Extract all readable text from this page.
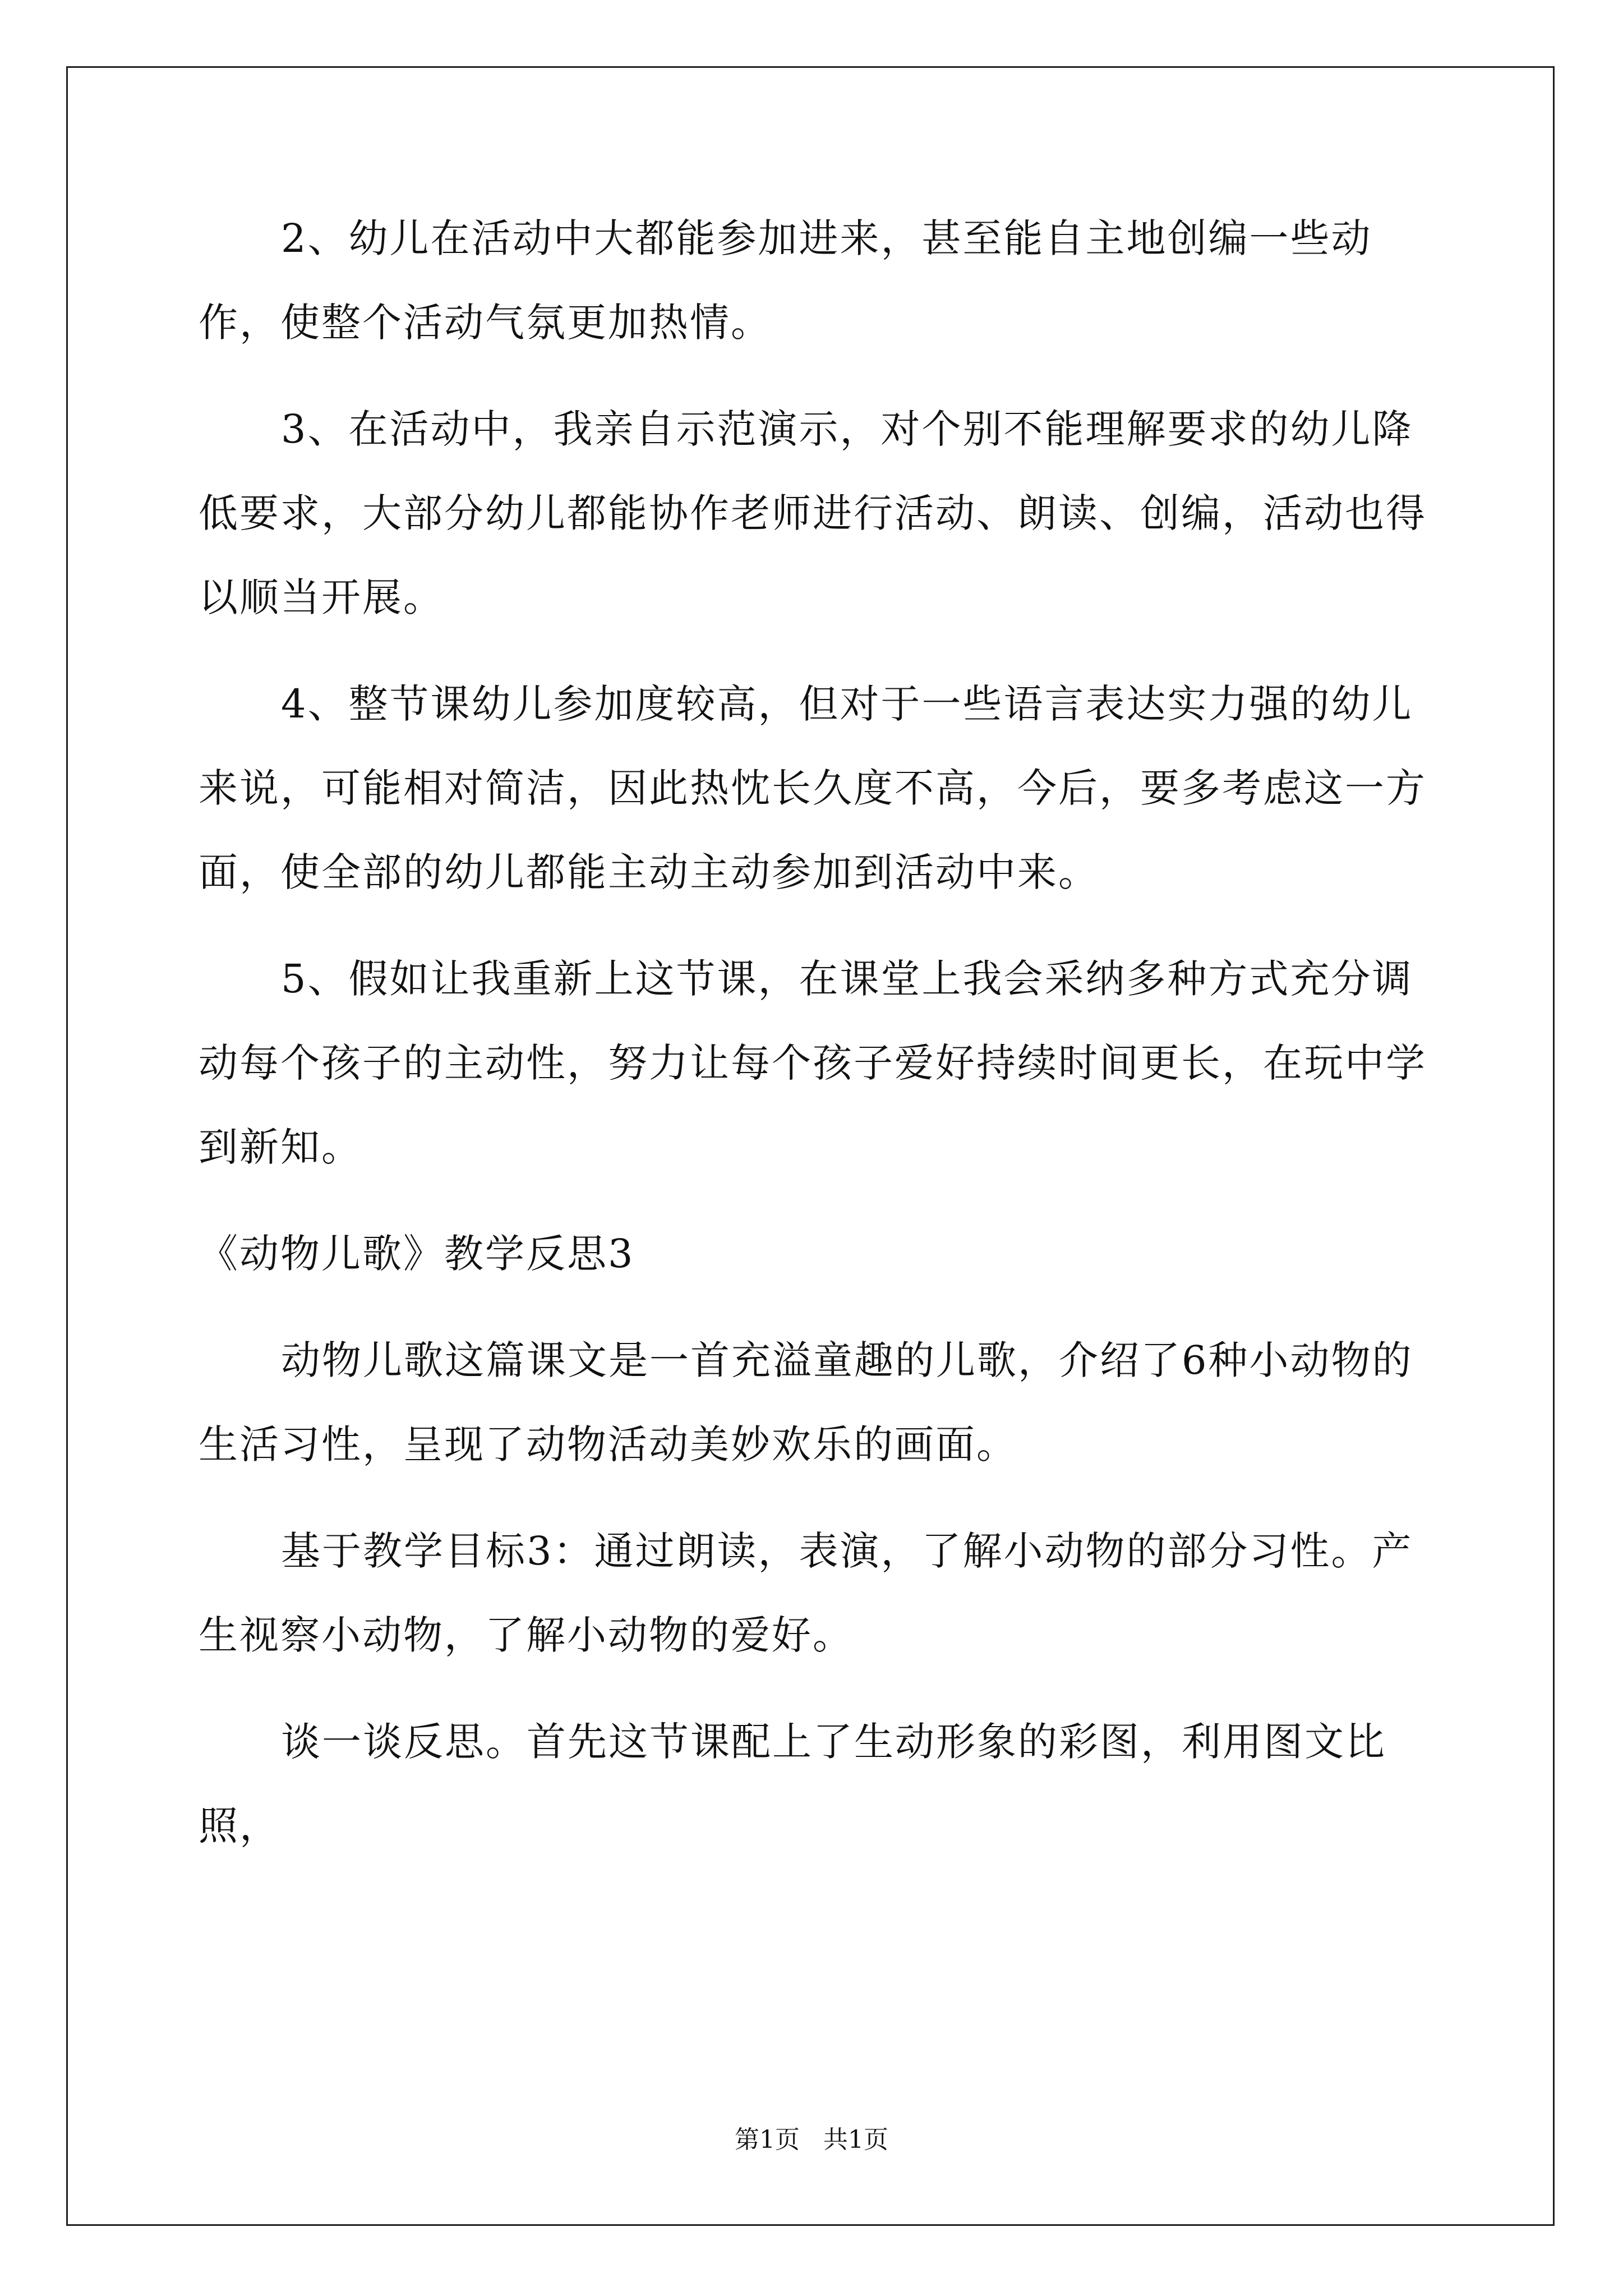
2、幼儿在活动中大都能参加进来，甚至能自主地创编一些动作，使整个活动气氛更加热情。

3、在活动中，我亲自示范演示，对个别不能理解要求的幼儿降低要求，大部分幼儿都能协作老师进行活动、朗读、创编，活动也得以顺当开展。

4、整节课幼儿参加度较高，但对于一些语言表达实力强的幼儿来说，可能相对简洁，因此热忱长久度不高，今后，要多考虑这一方面，使全部的幼儿都能主动主动参加到活动中来。

5、假如让我重新上这节课，在课堂上我会采纳多种方式充分调动每个孩子的主动性，努力让每个孩子爱好持续时间更长，在玩中学到新知。

《动物儿歌》教学反思3

动物儿歌这篇课文是一首充溢童趣的儿歌，介绍了6种小动物的生活习性，呈现了动物活动美妙欢乐的画面。

基于教学目标3：通过朗读，表演，了解小动物的部分习性。产生视察小动物，了解小动物的爱好。

谈一谈反思。首先这节课配上了生动形象的彩图，利用图文比照，

第1页 共1页
